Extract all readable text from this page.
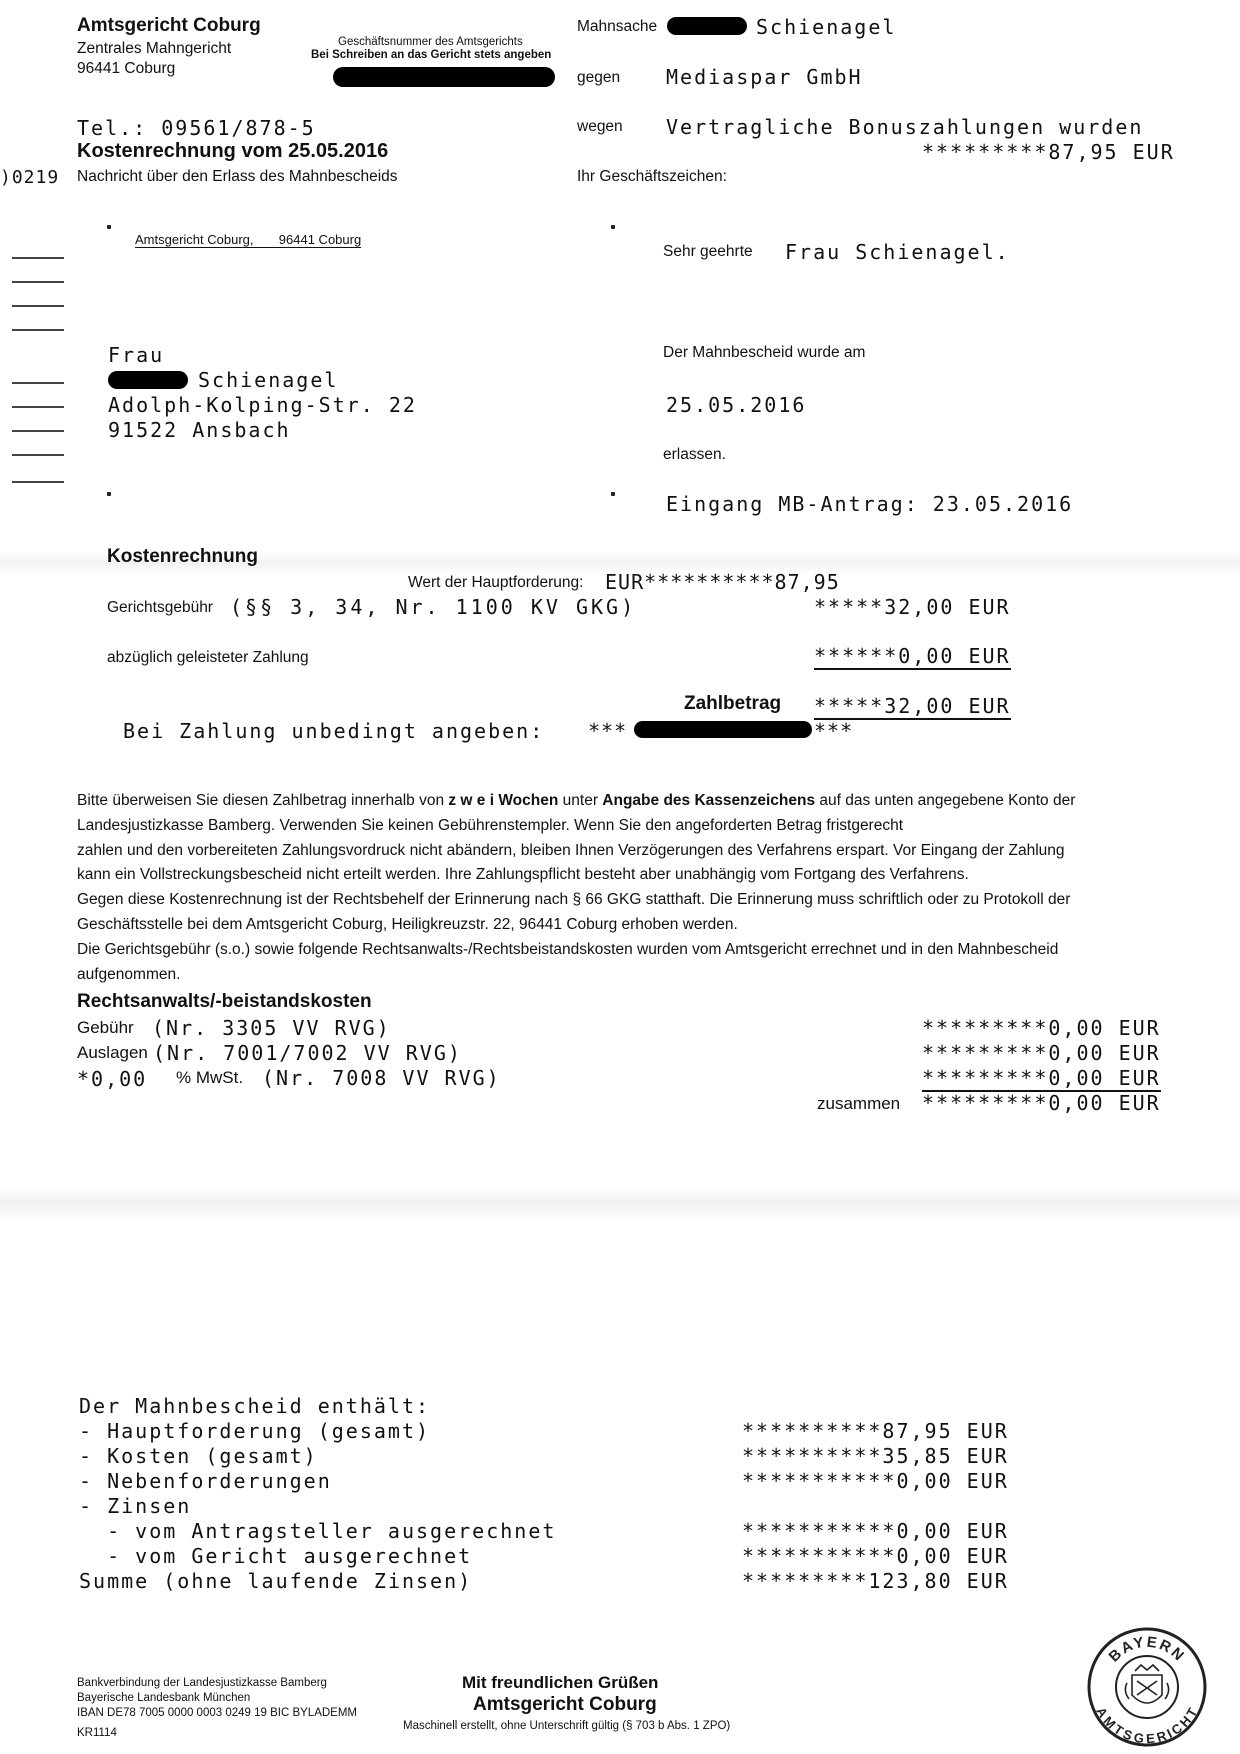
Amtsgericht Coburg
Zentrales Mahngericht
96441 Coburg
Geschäftsnummer des Amtsgerichts
Bei Schreiben an das Gericht stets angeben
Tel.: 09561/878-5
Kostenrechnung vom 25.05.2016
)0219 Nachricht über den Erlass des Mahnbescheids
Mahnsache	Schienagel
gegen Mediaspar GmbH
wegen Vertragliche Bonuszahlungen wurden
*********87,95 EUR
Ihr Geschäftszeichen:
Amtsgericht Coburg, 96441 Coburg
Sehr geehrte Frau Schienagel.
Frau
Schienagel
Adolph-Kolping-Str. 22
91522 Ansbach
Der Mahnbescheid wurde am
25.05.2016
erlassen.
Eingang MB-Antrag: 23.05.2016
Kostenrechnung
Wert der Hauptforderung: EUR**********87,95
Gerichtsgebühr (§§ 3, 34, Nr. 1100 KV GKG)	*****32,00 EUR
abzüglich geleisteter Zahlung	******0,00 EUR
Zahlbetrag *****32,00 EUR
Bei Zahlung unbedingt angeben: ***	***
Bitte überweisen Sie diesen Zahlbetrag innerhalb von z w e i Wochen unter Angabe des Kassenzeichens auf das unten angegebene Konto der
Landesjustizkasse Bamberg. Verwenden Sie keinen Gebührenstempler. Wenn Sie den angeforderten Betrag fristgerecht
zahlen und den vorbereiteten Zahlungsvordruck nicht abändern, bleiben Ihnen Verzögerungen des Verfahrens erspart. Vor Eingang der Zahlung
kann ein Vollstreckungsbescheid nicht erteilt werden. Ihre Zahlungspflicht besteht aber unabhängig vom Fortgang des Verfahrens.
Gegen diese Kostenrechnung ist der Rechtsbehelf der Erinnerung nach § 66 GKG statthaft. Die Erinnerung muss schriftlich oder zu Protokoll der
Geschäftsstelle bei dem Amtsgericht Coburg, Heiligkreuzstr. 22, 96441 Coburg erhoben werden.
Die Gerichtsgebühr (s.o.) sowie folgende Rechtsanwalts-/Rechtsbeistandskosten wurden vom Amtsgericht errechnet und in den Mahnbescheid
aufgenommen.
Rechtsanwalts/-beistandskosten
Gebühr (Nr. 3305 VV RVG)	*********0,00 EUR
Auslagen (Nr. 7001/7002 VV RVG)	*********0,00 EUR
*0,00 % MwSt. (Nr. 7008 VV RVG)	*********0,00 EUR
zusammen *********0,00 EUR
Der Mahnbescheid enthält:
- Hauptforderung (gesamt)	**********87,95 EUR
- Kosten (gesamt)	**********35,85 EUR
- Nebenforderungen	***********0,00 EUR
- Zinsen
- vom Antragsteller ausgerechnet	***********0,00 EUR
- vom Gericht ausgerechnet	***********0,00 EUR
Summe (ohne laufende Zinsen)	*********123,80 EUR
Bankverbindung der Landesjustizkasse Bamberg
Bayerische Landesbank München
IBAN DE78 7005 0000 0003 0249 19 BIC BYLADEMM
KR1114
Mit freundlichen Grüßen
Amtsgericht Coburg
Maschinell erstellt, ohne Unterschrift gültig (§ 703 b Abs. 1 ZPO)
BAYERN
AMTSGERICHT
